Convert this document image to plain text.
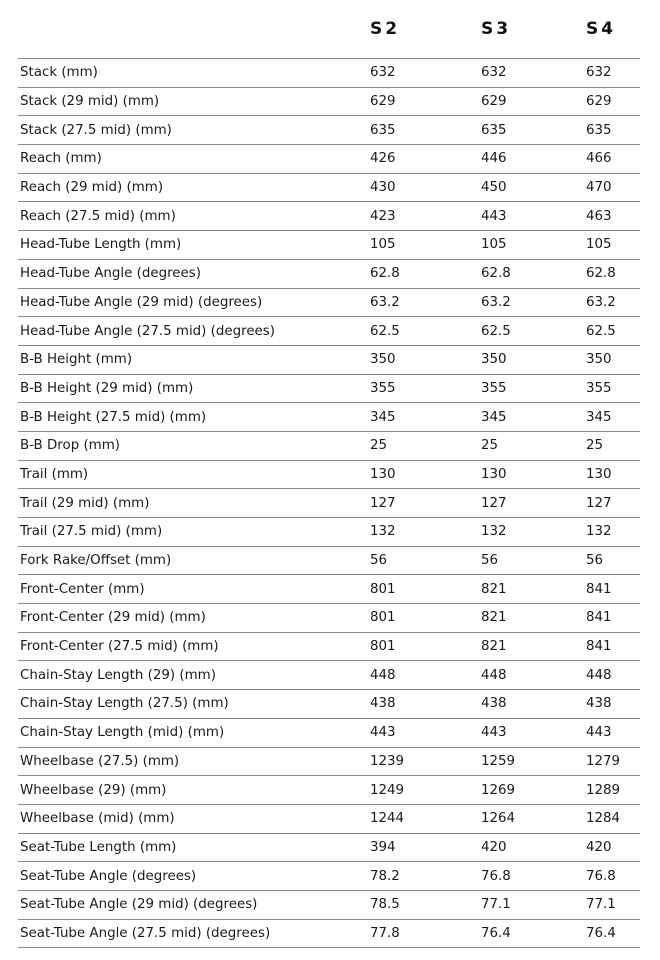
	S2	S3	S4
Stack (mm)	632	632	632
Stack (29 mid) (mm)	629	629	629
Stack (27.5 mid) (mm)	635	635	635
Reach (mm)	426	446	466
Reach (29 mid) (mm)	430	450	470
Reach (27.5 mid) (mm)	423	443	463
Head-Tube Length (mm)	105	105	105
Head-Tube Angle (degrees)	62.8	62.8	62.8
Head-Tube Angle (29 mid) (degrees)	63.2	63.2	63.2
Head-Tube Angle (27.5 mid) (degrees)	62.5	62.5	62.5
B-B Height (mm)	350	350	350
B-B Height (29 mid) (mm)	355	355	355
B-B Height (27.5 mid) (mm)	345	345	345
B-B Drop (mm)	25	25	25
Trail (mm)	130	130	130
Trail (29 mid) (mm)	127	127	127
Trail (27.5 mid) (mm)	132	132	132
Fork Rake/Offset (mm)	56	56	56
Front-Center (mm)	801	821	841
Front-Center (29 mid) (mm)	801	821	841
Front-Center (27.5 mid) (mm)	801	821	841
Chain-Stay Length (29) (mm)	448	448	448
Chain-Stay Length (27.5) (mm)	438	438	438
Chain-Stay Length (mid) (mm)	443	443	443
Wheelbase (27.5) (mm)	1239	1259	1279
Wheelbase (29) (mm)	1249	1269	1289
Wheelbase (mid) (mm)	1244	1264	1284
Seat-Tube Length (mm)	394	420	420
Seat-Tube Angle (degrees)	78.2	76.8	76.8
Seat-Tube Angle (29 mid) (degrees)	78.5	77.1	77.1
Seat-Tube Angle (27.5 mid) (degrees)	77.8	76.4	76.4
